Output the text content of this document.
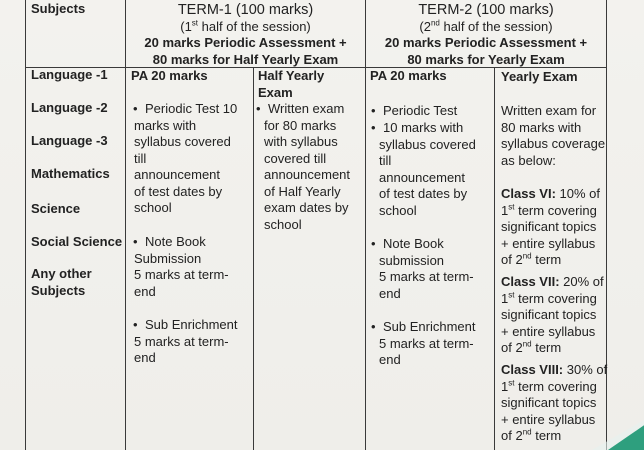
Subjects	TERM-1 (100 marks)
(1st half of the session)
20 marks Periodic Assessment +
80 marks for Half Yearly Exam
TERM-2 (100 marks)
(2nd half of the session)
20 marks Periodic Assessment +
80 marks for Yearly Exam
Language -1
Language -2
Language -3
Mathematics
Science
Social Science
Any other
Subjects
PA 20 marks
• Periodic Test 10
marks with
syllabus covered
till
announcement
of test dates by
school
• Note Book
Submission
5 marks at term-
end
• Sub Enrichment
5 marks at term-
end
Half Yearly
Exam
• Written exam
for 80 marks
with syllabus
covered till
announcement
of Half Yearly
exam dates by
school
PA 20 marks
• Periodic Test
• 10 marks with
syllabus covered
till
announcement
of test dates by
school
• Note Book
submission
5 marks at term-
end
• Sub Enrichment
5 marks at term-
end
Yearly Exam
Written exam for
80 marks with
syllabus coverage
as below:
Class VI: 10% of
1st term covering
significant topics
+ entire syllabus
of 2nd term
Class VII: 20% of
1st term covering
significant topics
+ entire syllabus
of 2nd term
Class VIII: 30% of
1st term covering
significant topics
+ entire syllabus
of 2nd term
